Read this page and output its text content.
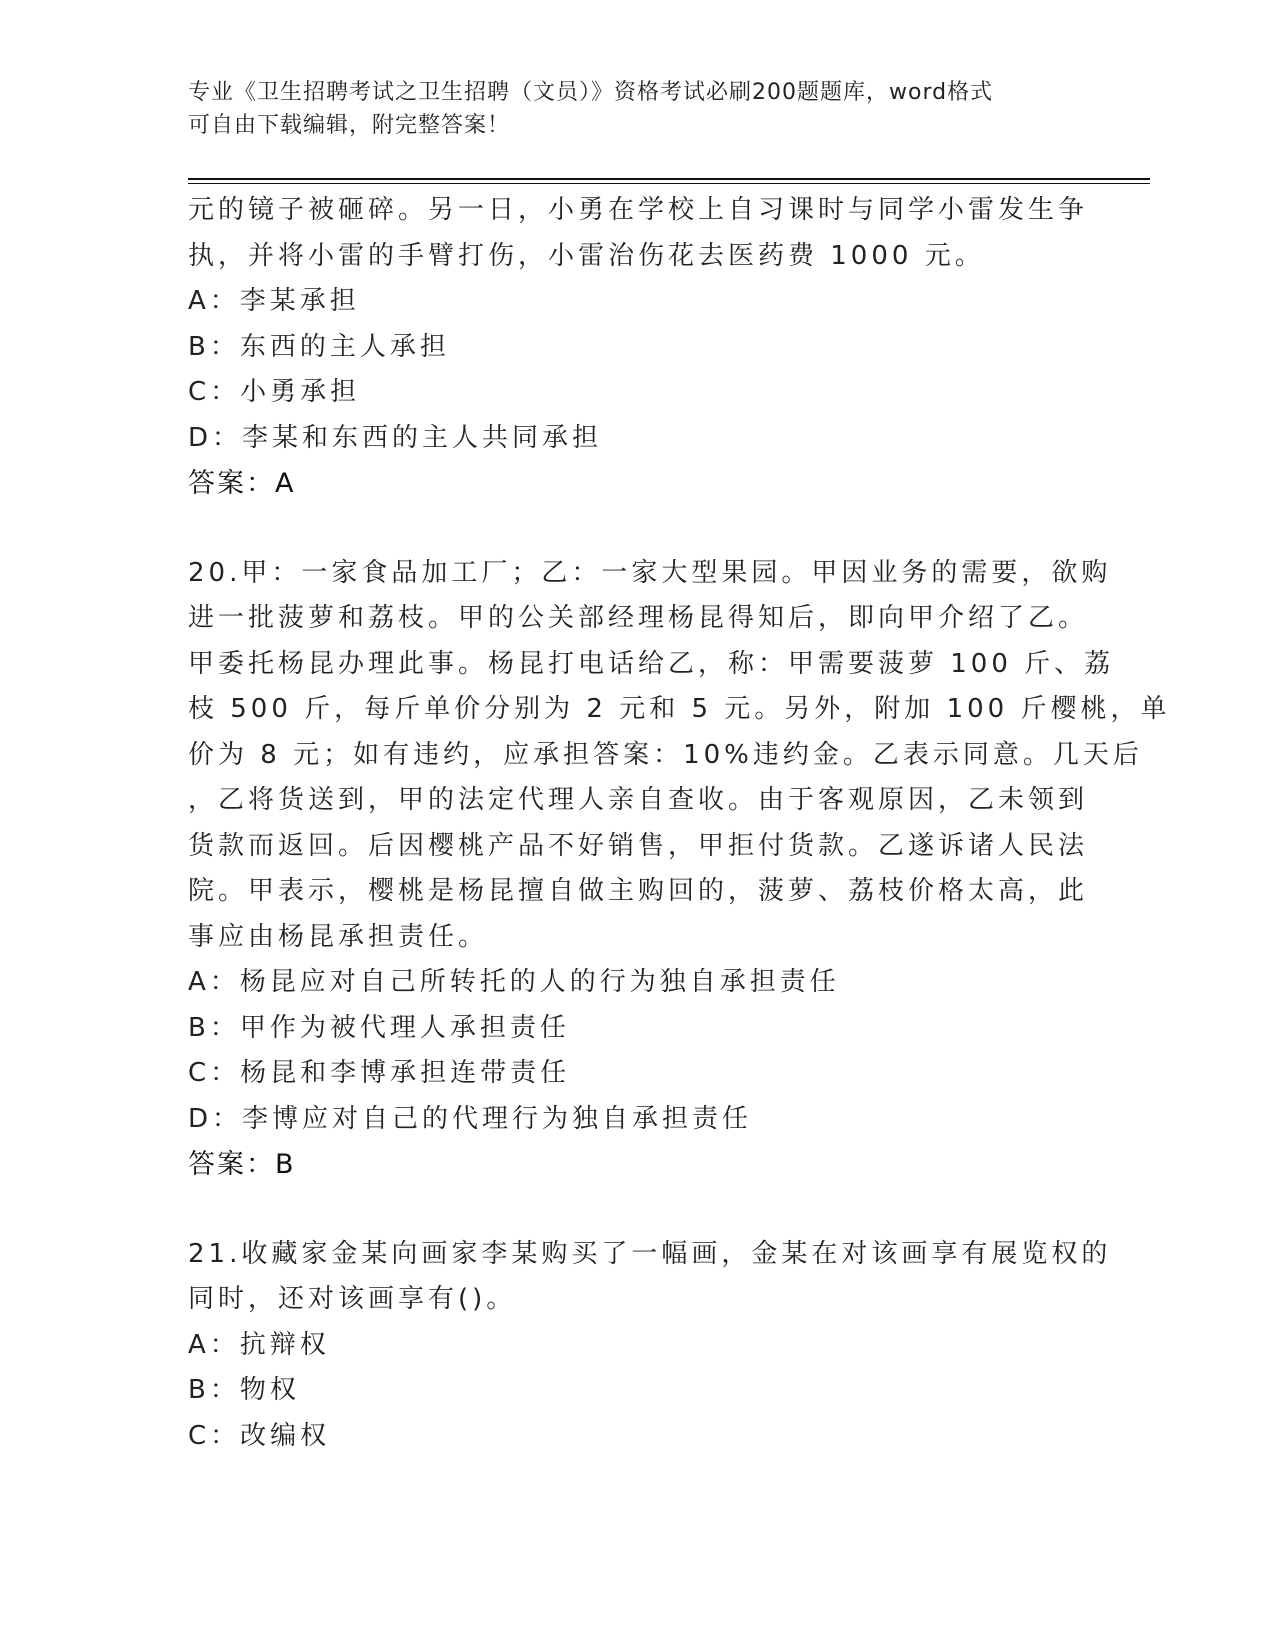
专业《卫生招聘考试之卫生招聘（文员）》资格考试必刷200题题库，word格式
可自由下载编辑，附完整答案！
元的镜子被砸碎。另一日，小勇在学校上自习课时与同学小雷发生争
执，并将小雷的手臂打伤，小雷治伤花去医药费 1000 元。
A：李某承担
B：东西的主人承担
C：小勇承担
D：李某和东西的主人共同承担
答案：A
20.甲：一家食品加工厂；乙：一家大型果园。甲因业务的需要，欲购
进一批菠萝和荔枝。甲的公关部经理杨昆得知后，即向甲介绍了乙。
甲委托杨昆办理此事。杨昆打电话给乙，称：甲需要菠萝 100 斤、荔
枝 500 斤，每斤单价分别为 2 元和 5 元。另外，附加 100 斤樱桃，单
价为 8 元；如有违约，应承担答案：10%违约金。乙表示同意。几天后
，乙将货送到，甲的法定代理人亲自查收。由于客观原因，乙未领到
货款而返回。后因樱桃产品不好销售，甲拒付货款。乙遂诉诸人民法
院。甲表示，樱桃是杨昆擅自做主购回的，菠萝、荔枝价格太高，此
事应由杨昆承担责任。
A：杨昆应对自己所转托的人的行为独自承担责任
B：甲作为被代理人承担责任
C：杨昆和李博承担连带责任
D：李博应对自己的代理行为独自承担责任
答案：B
21.收藏家金某向画家李某购买了一幅画，金某在对该画享有展览权的
同时，还对该画享有()。
A：抗辩权
B：物权
C：改编权
